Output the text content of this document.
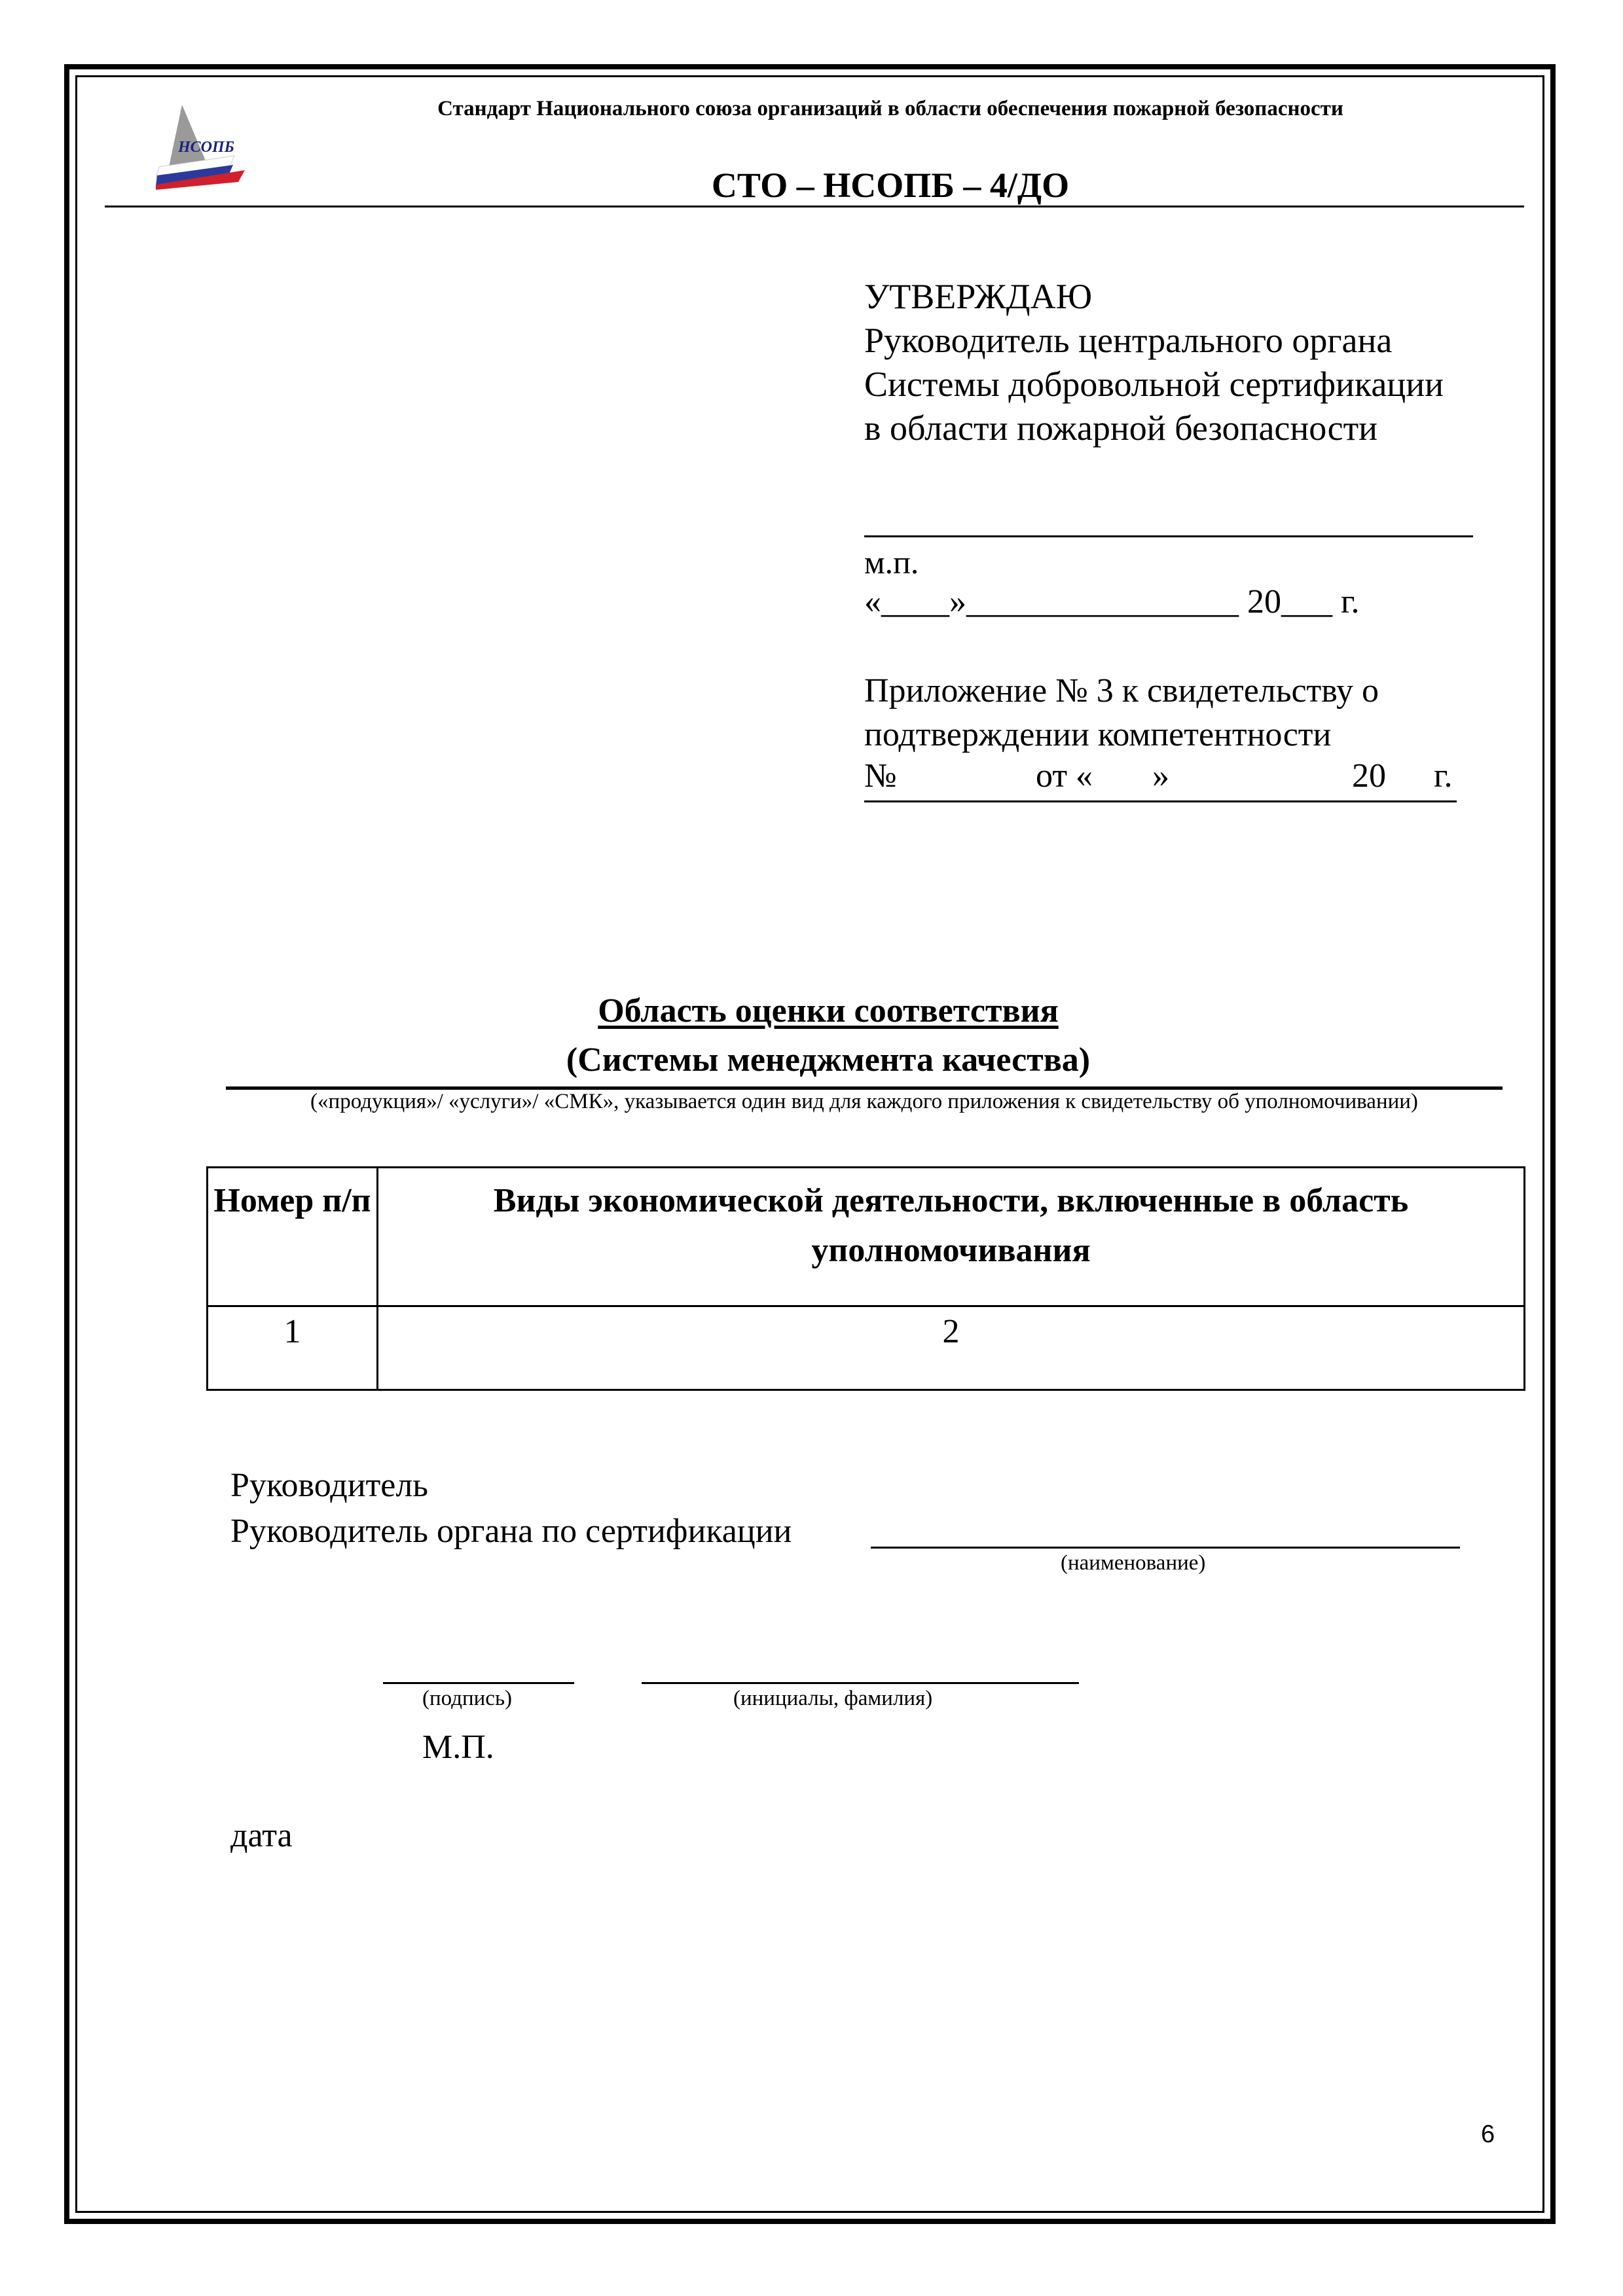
НСОПБ
Стандарт Национального союза организаций в области обеспечения пожарной безопасности
СТО – НСОПБ – 4/ДО
УТВЕРЖДАЮ
Руководитель центрального органа
Системы добровольной сертификации
в области пожарной безопасности
м.п.
«____»________________ 20___ г.
Приложение № 3 к свидетельству о
подтверждении компетентности
№	от « »	20 г.
Область оценки соответствия
(Системы менеджмента качества)
(«продукция»/ «услуги»/ «СМК», указывается один вид для каждого приложения к свидетельству об уполномочивании)
Номер п/п	Виды экономической деятельности, включенные в область уполномочивания
1	2
Руководитель
Руководитель органа по сертификации
(наименование)
(подпись)	(инициалы, фамилия)
М.П.
дата
6
